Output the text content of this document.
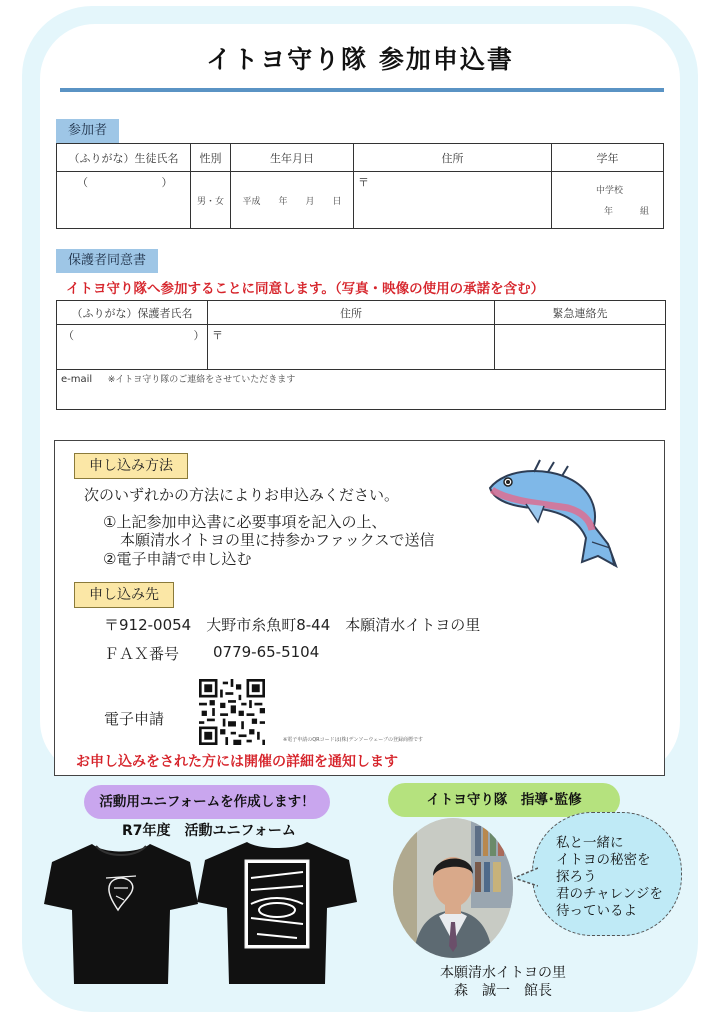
イトヨ守り隊 参加申込書
参加者
（ふりがな）生徒氏名	性別	生年月日	住所	学年
（ ）	男・女	平成　　年　　月　　日	〒	中学校
年　　　組
保護者同意書
イトヨ守り隊へ参加することに同意します。（写真・映像の使用の承諾を含む）
（ふりがな）保護者氏名	住所	緊急連絡先
（ ）	〒	
e-mail ※イトヨ守り隊のご連絡をさせていただきます		
申し込み方法
次のいずれかの方法によりお申込みください。
①上記参加申込書に必要事項を記入の上、
本願清水イトヨの里に持参かファックスで送信
②電子申請で申し込む
申し込み先
〒912-0054　大野市糸魚町8-44　本願清水イトヨの里
ＦＡＸ番号 0779-65-5104
電子申請
※電子申請のQRコードは(株)デンソーウェーブの登録商標です
お申し込みをされた方には開催の詳細を通知します
活動用ユニフォームを作成します！
R7年度　活動ユニフォーム
イトヨ守り隊　指導･監修
私と一緒に
イトヨの秘密を
探ろう
君のチャレンジを
待っているよ
本願清水イトヨの里
森　誠一　館長
